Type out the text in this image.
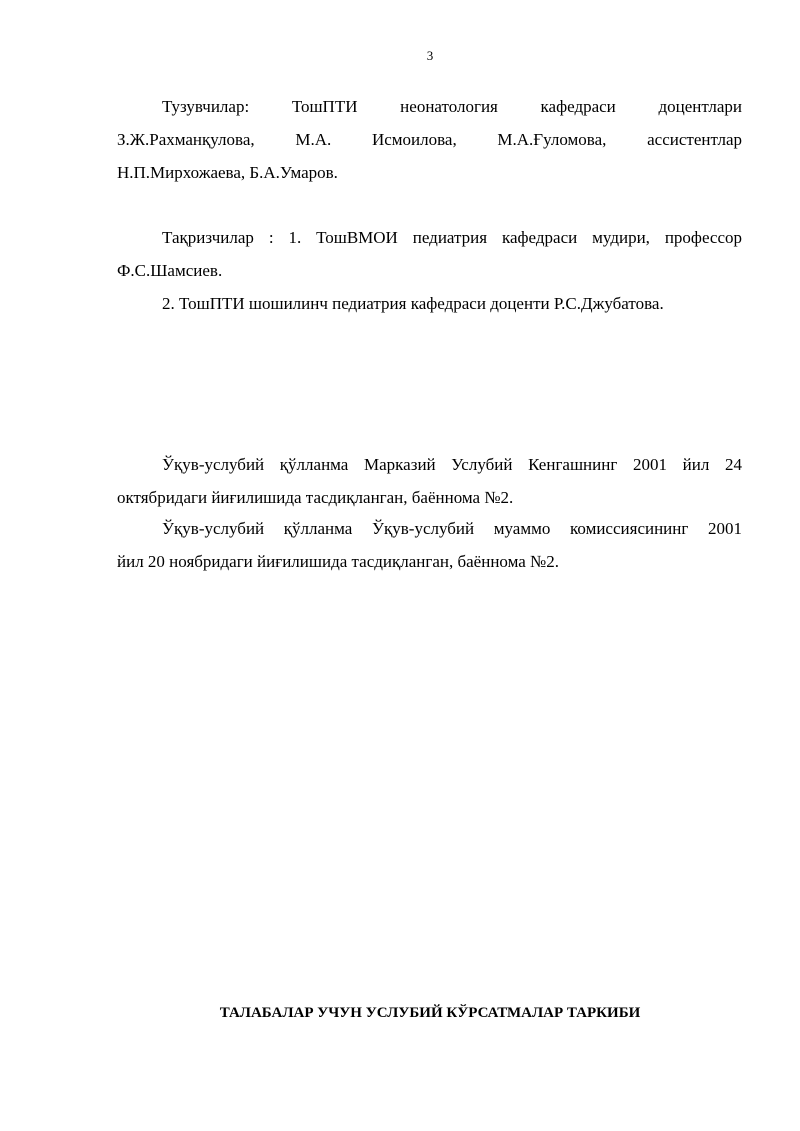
3
Тузувчилар: ТошПТИ неонатология кафедраси доцентлари
З.Ж.Рахманқулова, М.А. Исмоилова, М.А.Ғуломова, ассистентлар
Н.П.Мирхожаева, Б.А.Умаров.
Тақризчилар : 1. ТошВМОИ педиатрия кафедраси мудири, профессор
Ф.С.Шамсиев.
2. ТошПТИ шошилинч педиатрия кафедраси доценти Р.С.Джубатова.
Ўқув-услубий қўлланма Марказий Услубий Кенгашнинг 2001 йил 24
октябридаги йиғилишида тасдиқланган, баённома №2.
Ўқув-услубий қўлланма Ўқув-услубий муаммо комиссиясининг 2001
йил 20 ноябридаги йиғилишида тасдиқланган, баённома №2.
ТАЛАБАЛАР УЧУН УСЛУБИЙ КЎРСАТМАЛАР ТАРКИБИ
